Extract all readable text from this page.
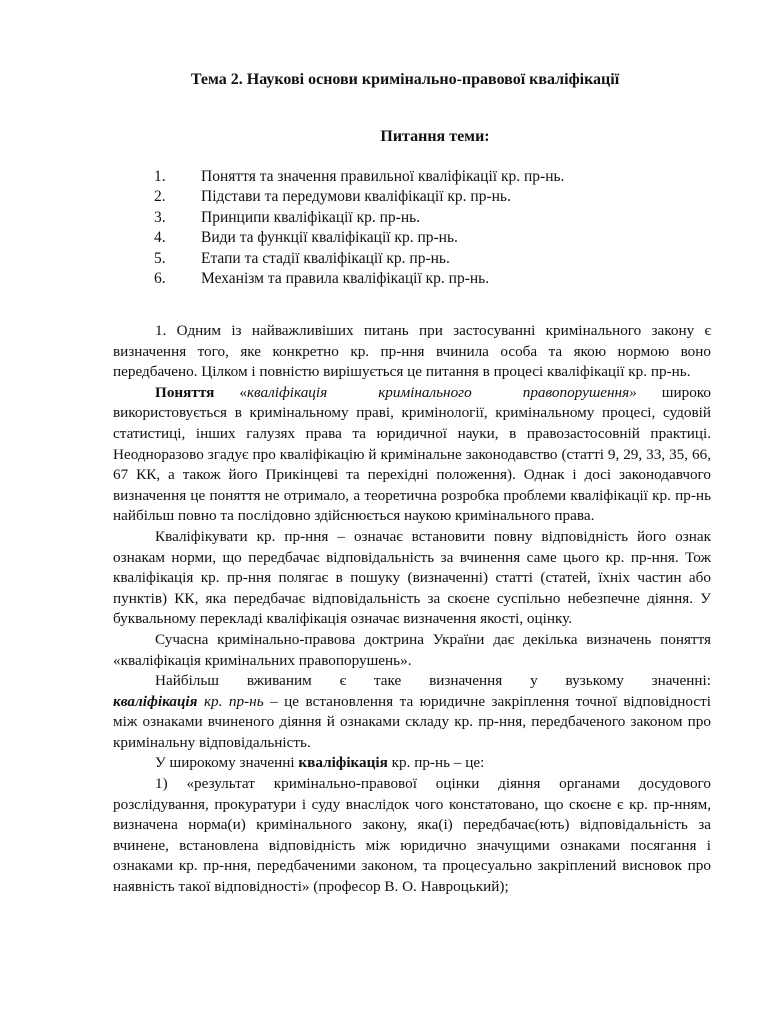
Тема 2. Наукові основи кримінально-правової кваліфікації
Питання теми:
1.	Поняття та значення правильної кваліфікації кр. пр-нь.
2.	Підстави та передумови кваліфікації кр. пр-нь.
3.	Принципи кваліфікації кр. пр-нь.
4.	Види та функції кваліфікації кр. пр-нь.
5.	Етапи та стадії кваліфікації кр. пр-нь.
6.	Механізм та правила кваліфікації кр. пр-нь.

1. Одним із найважливіших питань при застосуванні кримінального закону є визначення того, яке конкретно кр. пр-ння вчинила особа та якою нормою воно передбачено. Цілком і повністю вирішується це питання в процесі кваліфікації кр. пр-нь.

Поняття «кваліфікація кримінального правопорушення» широко використовується в кримінальному праві, кримінології, кримінальному процесі, судовій статистиці, інших галузях права та юридичної науки, в правозастосовній практиці. Неодноразово згадує про кваліфікацію й кримінальне законодавство (статті 9, 29, 33, 35, 66, 67 КК, а також його Прикінцеві та перехідні положення). Однак і досі законодавчого визначення це поняття не отримало, а теоретична розробка проблеми кваліфікації кр. пр-нь найбільш повно та послідовно здійснюється наукою кримінального права.

Кваліфікувати кр. пр-ння – означає встановити повну відповідність його ознак ознакам норми, що передбачає відповідальність за вчинення саме цього кр. пр-ння. Тож кваліфікація кр. пр-ння полягає в пошуку (визначенні) статті (статей, їхніх частин або пунктів) КК, яка передбачає відповідальність за скоєне суспільно небезпечне діяння. У буквальному перекладі кваліфікація означає визначення якості, оцінку.

Сучасна кримінально-правова доктрина України дає декілька визначень поняття «кваліфікація кримінальних правопорушень».

Найбільш вживаним є таке визначення у вузькому значенні: кваліфікація кр. пр-нь – це встановлення та юридичне закріплення точної відповідності між ознаками вчиненого діяння й ознаками складу кр. пр-ння, передбаченого законом про кримінальну відповідальність.

У широкому значенні кваліфікація кр. пр-нь – це:

1) «результат кримінально-правової оцінки діяння органами досудового розслідування, прокуратури і суду внаслідок чого констатовано, що скоєне є кр. пр-нням, визначена норма(и) кримінального закону, яка(і) передбачає(ють) відповідальність за вчинене, встановлена відповідність між юридично значущими ознаками посягання і ознаками кр. пр-ння, передбаченими законом, та процесуально закріплений висновок про наявність такої відповідності» (професор В. О. Навроцький);
